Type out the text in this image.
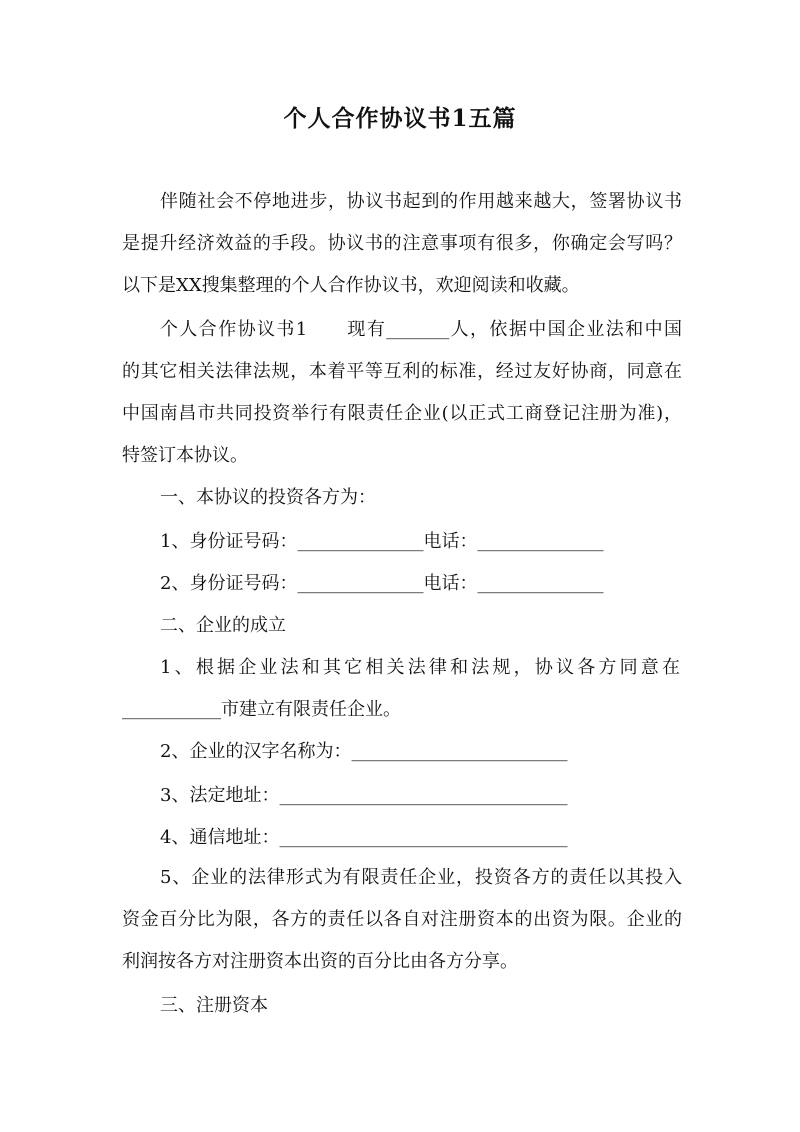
个人合作协议书1五篇
伴随社会不停地进步，协议书起到的作用越来越大，签署协议书
是提升经济效益的手段。协议书的注意事项有很多，你确定会写吗？
以下是XX搜集整理的个人合作协议书，欢迎阅读和收藏。
个人合作协议书1　　现有_______人，依据中国企业法和中国
的其它相关法律法规，本着平等互利的标准，经过友好协商，同意在
中国南昌市共同投资举行有限责任企业(以正式工商登记注册为准)，
特签订本协议。
一、本协议的投资各方为：
1、身份证号码：______________电话：______________
2、身份证号码：______________电话：______________
二、企业的成立
1、根据企业法和其它相关法律和法规，协议各方同意在
___________市建立有限责任企业。
2、企业的汉字名称为：________________________
3、法定地址：________________________________
4、通信地址：________________________________
5、企业的法律形式为有限责任企业，投资各方的责任以其投入
资金百分比为限，各方的责任以各自对注册资本的出资为限。企业的
利润按各方对注册资本出资的百分比由各方分享。
三、注册资本
